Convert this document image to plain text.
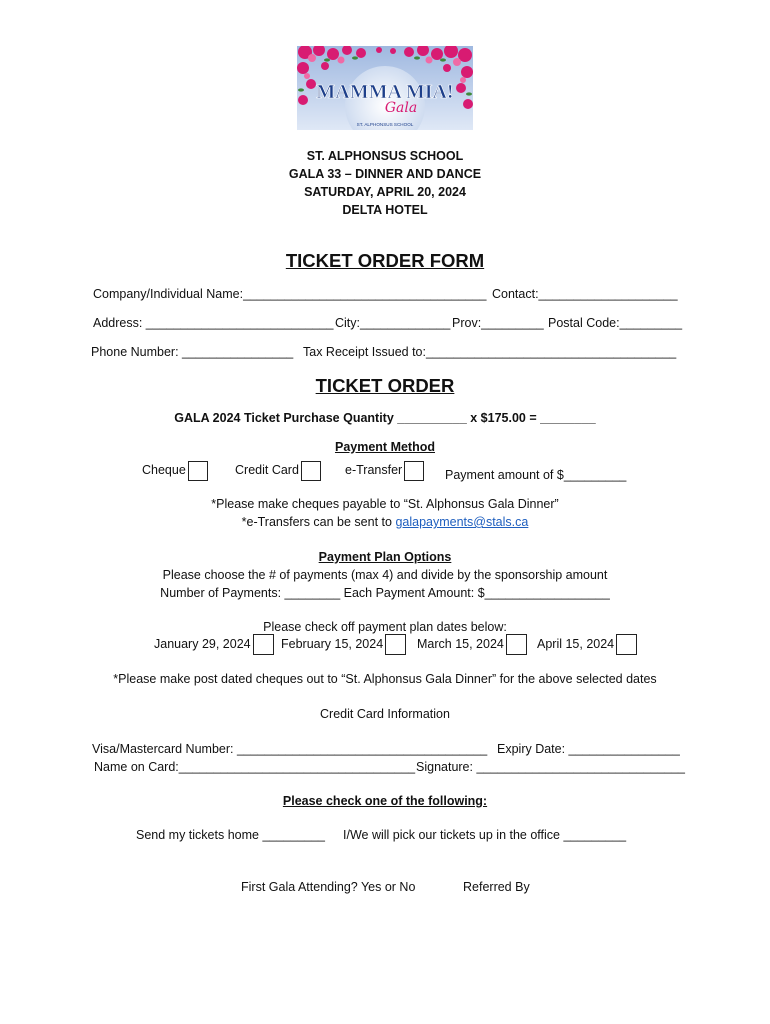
MAMMA MIA!
Gala
ST. ALPHONSUS SCHOOL
ST. ALPHONSUS SCHOOL
GALA 33 – DINNER AND DANCE
SATURDAY, APRIL 20, 2024
DELTA HOTEL
TICKET ORDER FORM
Company/Individual Name:___________________________________ Contact:____________________
Address: ___________________________ City:_____________ Prov:_________ Postal Code:_________
Phone Number: ________________ Tax Receipt Issued to:____________________________________
TICKET ORDER
GALA 2024 Ticket Purchase Quantity __________ x $175.00 = ________
Payment Method
Cheque	Credit Card	e-Transfer	Payment amount of $_________
*Please make cheques payable to “St. Alphonsus Gala Dinner”
*e-Transfers can be sent to galapayments@stals.ca
Payment Plan Options
Please choose the # of payments (max 4) and divide by the sponsorship amount
Number of Payments: ________ Each Payment Amount: $__________________
Please check off payment plan dates below:
January 29, 2024	February 15, 2024	March 15, 2024	April 15, 2024
*Please make post dated cheques out to “St. Alphonsus Gala Dinner” for the above selected dates
Credit Card Information
Visa/Mastercard Number: ____________________________________ Expiry Date: ________________
Name on Card:__________________________________ Signature: ______________________________
Please check one of the following:
Send my tickets home _________ I/We will pick our tickets up in the office _________
First Gala Attending? Yes or No	Referred By
